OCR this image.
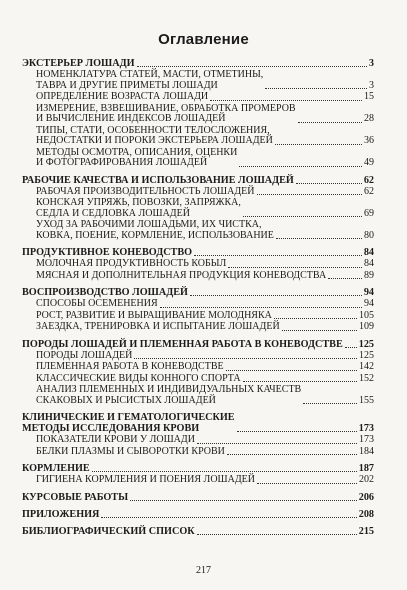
Оглавление
ЭКСТЕРЬЕР ЛОШАДИ	3
НОМЕНКЛАТУРА СТАТЕЙ, МАСТИ, ОТМЕТИНЫ,
ТАВРА И ДРУГИЕ ПРИМЕТЫ ЛОШАДИ	3
ОПРЕДЕЛЕНИЕ ВОЗРАСТА ЛОШАДИ	15
ИЗМЕРЕНИЕ, ВЗВЕШИВАНИЕ, ОБРАБОТКА ПРОМЕРОВ
И ВЫЧИСЛЕНИЕ ИНДЕКСОВ ЛОШАДЕЙ	28
ТИПЫ, СТАТИ, ОСОБЕННОСТИ ТЕЛОСЛОЖЕНИЯ,
НЕДОСТАТКИ И ПОРОКИ ЭКСТЕРЬЕРА ЛОШАДЕЙ	36
МЕТОДЫ ОСМОТРА, ОПИСАНИЯ, ОЦЕНКИ
И ФОТОГРАФИРОВАНИЯ ЛОШАДЕЙ	49
РАБОЧИЕ КАЧЕСТВА И ИСПОЛЬЗОВАНИЕ ЛОШАДЕЙ	62
РАБОЧАЯ ПРОИЗВОДИТЕЛЬНОСТЬ ЛОШАДЕЙ	62
КОНСКАЯ УПРЯЖЬ, ПОВОЗКИ, ЗАПРЯЖКА,
СЕДЛА И СЕДЛОВКА ЛОШАДЕЙ	69
УХОД ЗА РАБОЧИМИ ЛОШАДЬМИ, ИХ ЧИСТКА,
КОВКА, ПОЕНИЕ, КОРМЛЕНИЕ, ИСПОЛЬЗОВАНИЕ	80
ПРОДУКТИВНОЕ КОНЕВОДСТВО	84
МОЛОЧНАЯ ПРОДУКТИВНОСТЬ КОБЫЛ	84
МЯСНАЯ И ДОПОЛНИТЕЛЬНАЯ ПРОДУКЦИЯ КОНЕВОДСТВА	89
ВОСПРОИЗВОДСТВО ЛОШАДЕЙ	94
СПОСОБЫ ОСЕМЕНЕНИЯ	94
РОСТ, РАЗВИТИЕ И ВЫРАЩИВАНИЕ МОЛОДНЯКА	105
ЗАЕЗДКА, ТРЕНИРОВКА И ИСПЫТАНИЕ ЛОШАДЕЙ	109
ПОРОДЫ ЛОШАДЕЙ И ПЛЕМЕННАЯ РАБОТА В КОНЕВОДСТВЕ 125
ПОРОДЫ ЛОШАДЕЙ	125
ПЛЕМЕННАЯ РАБОТА В КОНЕВОДСТВЕ	142
КЛАССИЧЕСКИЕ ВИДЫ КОННОГО СПОРТА	152
АНАЛИЗ ПЛЕМЕННЫХ И ИНДИВИДУАЛЬНЫХ КАЧЕСТВ
СКАКОВЫХ И РЫСИСТЫХ ЛОШАДЕЙ	155
КЛИНИЧЕСКИЕ И ГЕМАТОЛОГИЧЕСКИЕ
МЕТОДЫ ИССЛЕДОВАНИЯ КРОВИ	173
ПОКАЗАТЕЛИ КРОВИ У ЛОШАДИ	173
БЕЛКИ ПЛАЗМЫ И СЫВОРОТКИ КРОВИ	184
КОРМЛЕНИЕ	187
ГИГИЕНА КОРМЛЕНИЯ И ПОЕНИЯ ЛОШАДЕЙ	202
КУРСОВЫЕ РАБОТЫ	206
ПРИЛОЖЕНИЯ	208
БИБЛИОГРАФИЧЕСКИЙ СПИСОК	215
217
